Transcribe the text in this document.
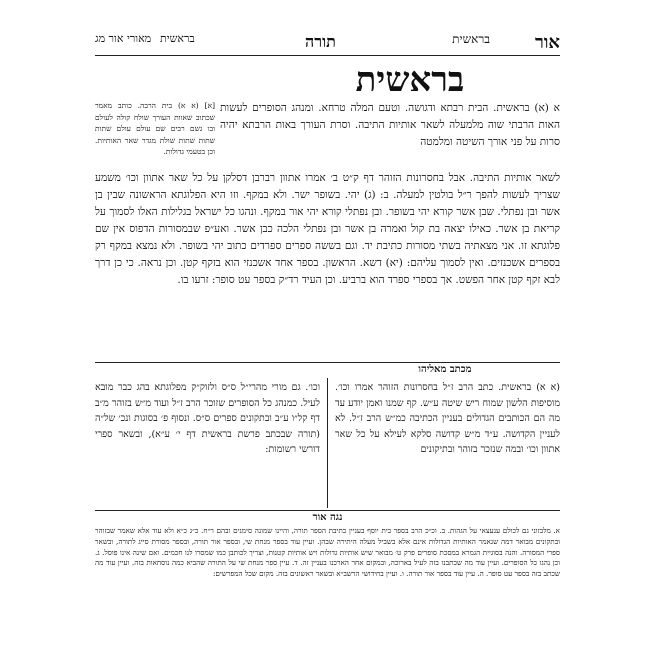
אור
בראשית
תורה
בראשית
מאורי אור מג
בראשית
[א] (א א) בית הרבה. כותב מאמר שכתוב שאוות העורך שולח קולה לעולם ובו גשם רבים שם עולם עולם שתות שתות שתות שולת מגדר שאר האותיות. וכן בטעמי גדולות.
א (א) בראשית. הבית רבתא ודגושה. וטעם המלה טרחא. ומנהג הסופרים לעשות האות הרבתי שוה מלמעלה לשאר אותיות התיבה. וסרת העורך באות הרבתא יהיה סרות על פני אורך השיטה ומלמטה
לשאר אותיות התיבה. אבל בחסרונות הזוהר דף ק״ט ב׳ אמרו אתוון רברבן דסלקן על כל שאר אתוון וכו׳ משמע שצריך לעשות להפך ר״ל בולטין למעלה. ב: (ג) יהי. בשופר ישר. ולא במקף. וזו היא הפלוגתא הראשונה שבין בן אשר ובן נפתלי. שבן אשר קורא יהי בשופר. ובן נפתלי קורא יהי אור במקף. ונהגו כל ישראל בגלילות האלו לסמוך על קריאת בן אשר. כאילו יצאה בת קול ואמרה בן אשר ובן נפתלי הלכה כבן אשר. ואע״פ שבמסורות הדפוס אין שם פלוגתא זו. אני מצאתיה בשתי מסורות כתיבת יד. וגם בששה ספרים ספרדים כתוב יהי בשופר. ולא נמצא במקף רק בספרים אשכנזים. ואין לסמוך עליהם: (יא) דשא. הראשון. בספר אחד אשכנזי הוא בזקף קטן. וכן נראה. כי כן דרך לבא זקף קטן אחר הפשט. אך בספרי ספרד הוא ברביע. וכן העיד רד״ק בספר עט סופר: זרעו בו.
מכתב מאליהו
(א א) בראשית. כתב הרב ז״ל בחסרונות הזוהר אמרו וכו׳. מוסיפות הלשון שמוח ריש שיטה ע״ש. קף שמנו ואמן יודע עד מה הם הכותבים הגדולים בעניין הכתיבה כמ״ש הרב ז״ל. לא לעניין הקדושה. ע״ד מ״ש קדושה סלקא לעילא על כל שאר אתוון וכו׳ ובמה שנזכר בזוהר ובתיקונים
וכו׳. גם מורי מהרי״ל ס״ס ולזוק״ק מפלוגתא בהג כבר מובא לעיל. כמנהג כל הסופרים שזוכר הרב ז״ל ועוד מ״ש בזוהר מ״ב דף קל״ו ע״ב ובתקונים ספרים ס״ס. ונסוף פ׳ בסוגות ונכ׳ של״ה (תורה שבכתב פרשת בראשית דף י׳ ע״א), ובשאר ספרי דורשי רשומות:
נגה אור
א. מלבזוני גם לכולם ענעצאי על הגהות. ב. וכ״כ הרב בספר בית יוסף בעניין כתיבת הספר תורה, והיינו שמונה סימנים ובהם ר״ח. כ״ג כ״א ולא עוד אלא שאמר שבזוהר ובתקונים מבואר דמה שנאמר האותיות הגדולות אינם אלא בשביל מעלה היתירה שבהן. ועיין עוד בספר מנחת שי, ובספר אור תורה, ובספר מסורת סייג לתורה, ובשאר ספרי המסורה. והנה בסוגיית הגמרא במסכת סופרים פרק ט׳ מבואר שיש אותיות גדולות ויש אותיות קטנות, וצריך לכותבן כמו שמסרו לנו חכמים. ואם שינה אינו פוסל. ג. וכן נהגו כל הסופרים. ועיין עוד מה שכתבנו בזה לעיל בארוכה, ובמקום אחר הארכנו בעניין זה. ד. עיין ספר מנחת שי על התורה שהביא כמה נוסחאות בזה. ועיין עוד מה שכתב בזה בספר עט סופר. ה. עיין עוד בספר אור תורה. ו. ועיין בחידושי הרשב״א ובשאר ראשונים בזה. מקום שכל המפרשים:
